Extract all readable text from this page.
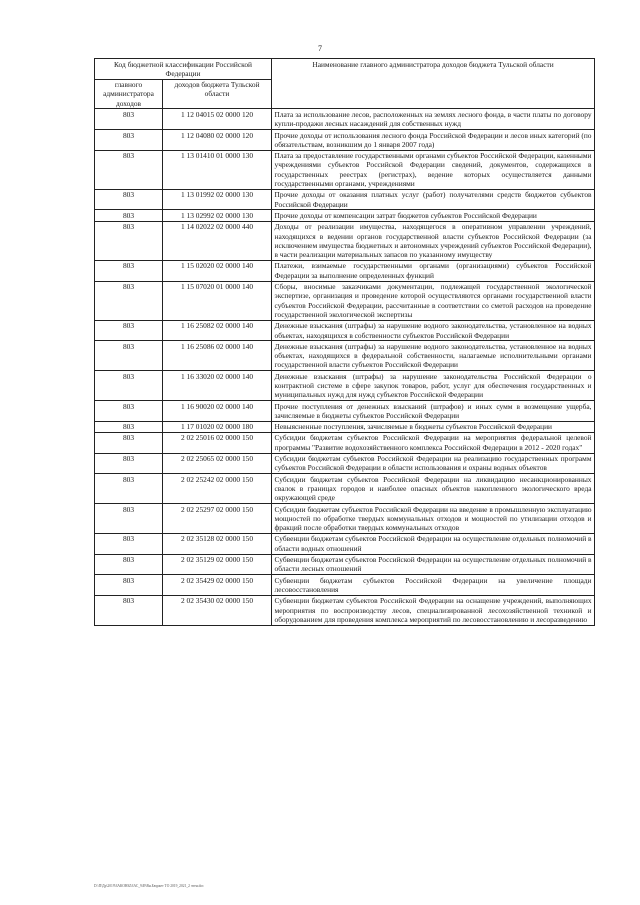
7
Код бюджетной классификации Российской Федерации		Наименование главного администратора доходов бюджета Тульской области
главного администратора доходов	доходов бюджета Тульской области	
803	1 12 04015 02 0000 120	Плата за использование лесов, расположенных на землях лесного фонда, в части платы по договору купли-продажи лесных насаждений для собственных нужд
803	1 12 04080 02 0000 120	Прочие доходы от использования лесного фонда Российской Федерации и лесов иных категорий (по обязательствам, возникшим до 1 января 2007 года)
803	1 13 01410 01 0000 130	Плата за предоставление государственными органами субъектов Российской Федерации, казенными учреждениями субъектов Российской Федерации сведений, документов, содержащихся в государственных реестрах (регистрах), ведение которых осуществляется данными государственными органами, учреждениями
803	1 13 01992 02 0000 130	Прочие доходы от оказания платных услуг (работ) получателями средств бюджетов субъектов Российской Федерации
803	1 13 02992 02 0000 130	Прочие доходы от компенсации затрат бюджетов субъектов Российской Федерации
803	1 14 02022 02 0000 440	Доходы от реализации имущества, находящегося в оперативном управлении учреждений, находящихся в ведении органов государственной власти субъектов Российской Федерации (за исключением имущества бюджетных и автономных учреждений субъектов Российской Федерации), в части реализации материальных запасов по указанному имуществу
803	1 15 02020 02 0000 140	Платежи, взимаемые государственными органами (организациями) субъектов Российской Федерации за выполнение определенных функций
803	1 15 07020 01 0000 140	Сборы, вносимые заказчиками документации, подлежащей государственной экологической экспертизе, организация и проведение которой осуществляются органами государственной власти субъектов Российской Федерации, рассчитанные в соответствии со сметой расходов на проведение государственной экологической экспертизы
803	1 16 25082 02 0000 140	Денежные взыскания (штрафы) за нарушение водного законодательства, установленное на водных объектах, находящихся в собственности субъектов Российской Федерации
803	1 16 25086 02 0000 140	Денежные взыскания (штрафы) за нарушение водного законодательства, установленное на водных объектах, находящихся в федеральной собственности, налагаемые исполнительными органами государственной власти субъектов Российской Федерации
803	1 16 33020 02 0000 140	Денежные взыскания (штрафы) за нарушение законодательства Российской Федерации о контрактной системе в сфере закупок товаров, работ, услуг для обеспечения государственных и муниципальных нужд для нужд субъектов Российской Федерации
803	1 16 90020 02 0000 140	Прочие поступления от денежных взысканий (штрафов) и иных сумм в возмещение ущерба, зачисляемые в бюджеты субъектов Российской Федерации
803	1 17 01020 02 0000 180	Невыясненные поступления, зачисляемые в бюджеты субъектов Российской Федерации
803	2 02 25016 02 0000 150	Субсидии бюджетам субъектов Российской Федерации на мероприятия федеральной целевой программы "Развитие водохозяйственного комплекса Российской Федерации в 2012 - 2020 годах"
803	2 02 25065 02 0000 150	Субсидии бюджетам субъектов Российской Федерации на реализацию государственных программ субъектов Российской Федерации в области использования и охраны водных объектов
803	2 02 25242 02 0000 150	Субсидии бюджетам субъектов Российской Федерации на ликвидацию несанкционированных свалок в границах городов и наиболее опасных объектов накопленного экологического вреда окружающей среде
803	2 02 25297 02 0000 150	Субсидии бюджетам субъектов Российской Федерации на введение в промышленную эксплуатацию мощностей по обработке твердых коммунальных отходов и мощностей по утилизации отходов и фракций после обработки твердых коммунальных отходов
803	2 02 35128 02 0000 150	Субвенции бюджетам субъектов Российской Федерации на осуществление отдельных полномочий в области водных отношений
803	2 02 35129 02 0000 150	Субвенции бюджетам субъектов Российской Федерации на осуществление отдельных полномочий в области лесных отношений
803	2 02 35429 02 0000 150	Субвенции бюджетам субъектов Российской Федерации на увеличение площади лесовосстановления
803	2 02 35430 02 0000 150	Субвенции бюджетам субъектов Российской Федерации на оснащение учреждений, выполняющих мероприятия по воспроизводству лесов, специализированной лесохозяйственной техникой и оборудованием для проведения комплекса мероприятий по лесовосстановлению и лесоразведению
D:\П\Др\2019\ЗАКОНЫ\ЗАС_949\Вн.Бюджет ТО 2019_2021_2 чтен.doc
